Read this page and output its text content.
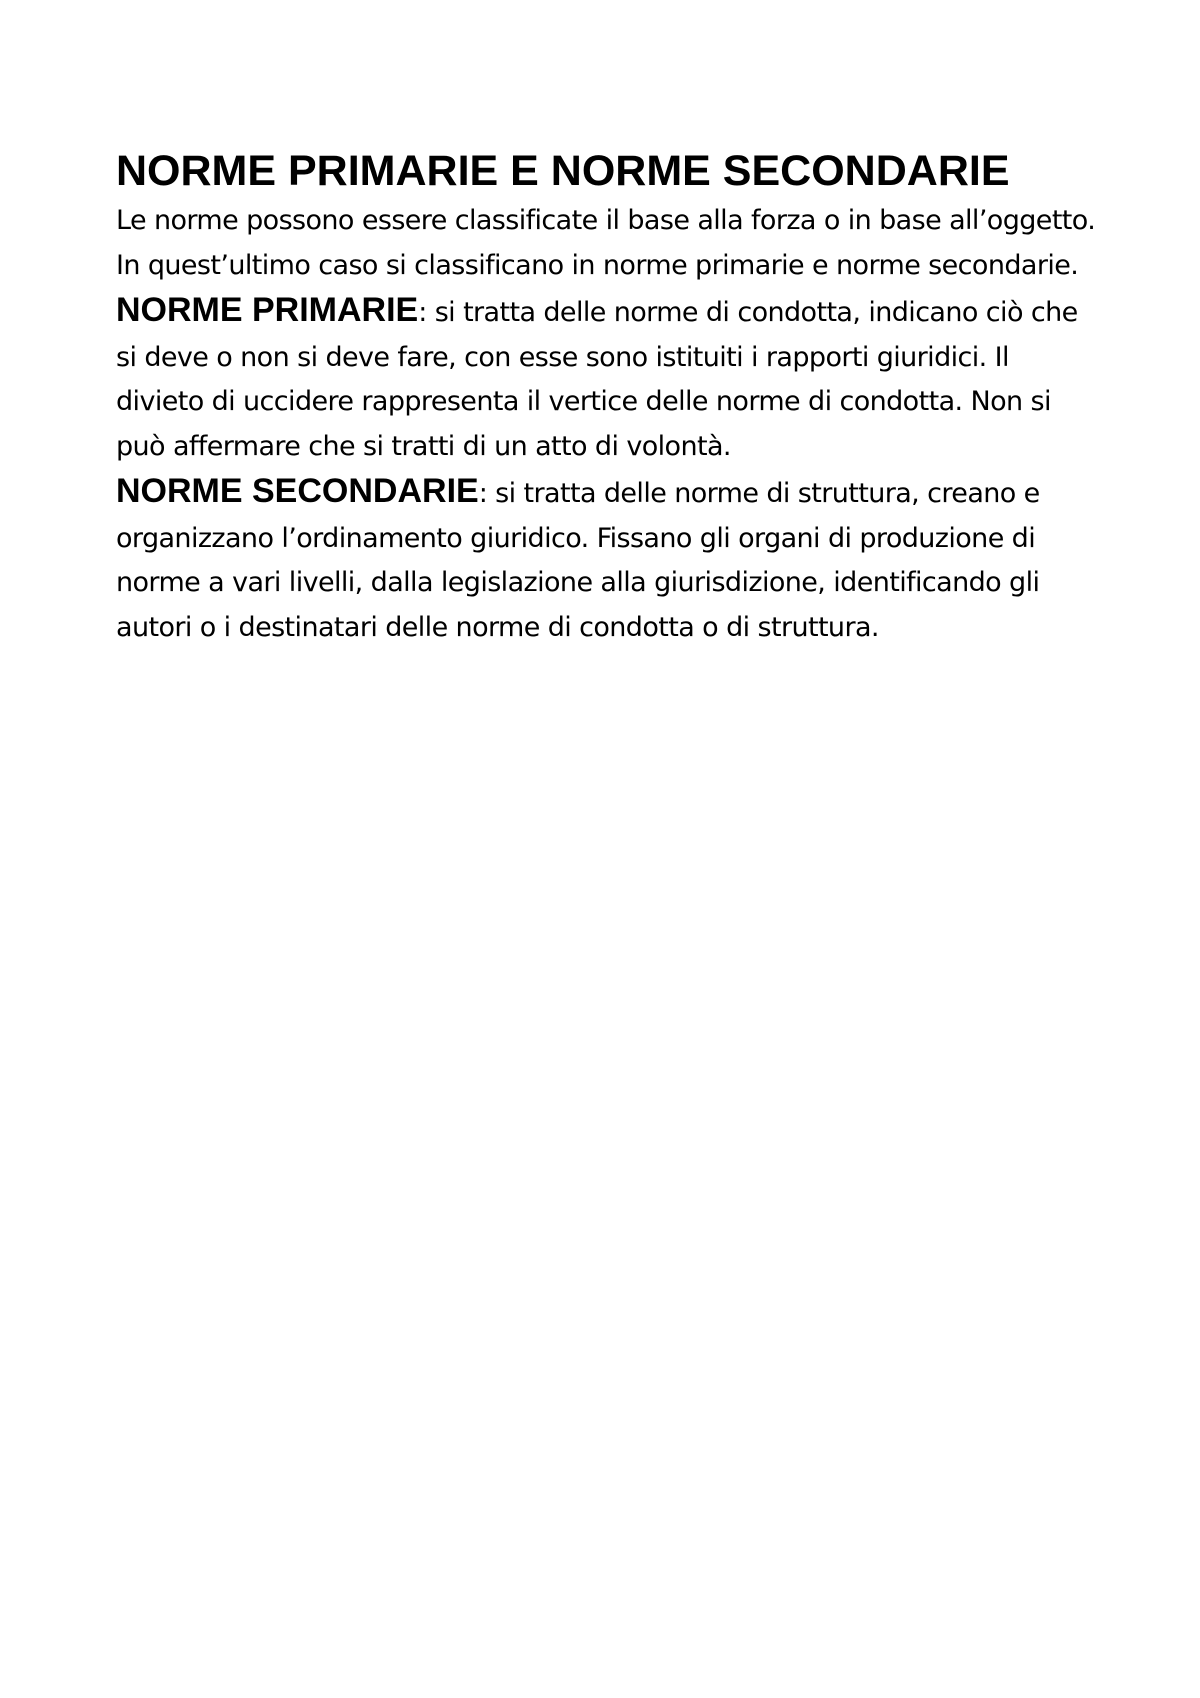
NORME PRIMARIE E NORME SECONDARIE

Le norme possono essere classificate il base alla forza o in base all’oggetto. In quest’ultimo caso si classificano in norme primarie e norme secondarie.

NORME PRIMARIE: si tratta delle norme di condotta, indicano ciò che si deve o non si deve fare, con esse sono istituiti i rapporti giuridici. Il divieto di uccidere rappresenta il vertice delle norme di condotta. Non si può affermare che si tratti di un atto di volontà.

NORME SECONDARIE: si tratta delle norme di struttura, creano e organizzano l’ordinamento giuridico. Fissano gli organi di produzione di norme a vari livelli, dalla legislazione alla giurisdizione, identificando gli autori o i destinatari delle norme di condotta o di struttura.
